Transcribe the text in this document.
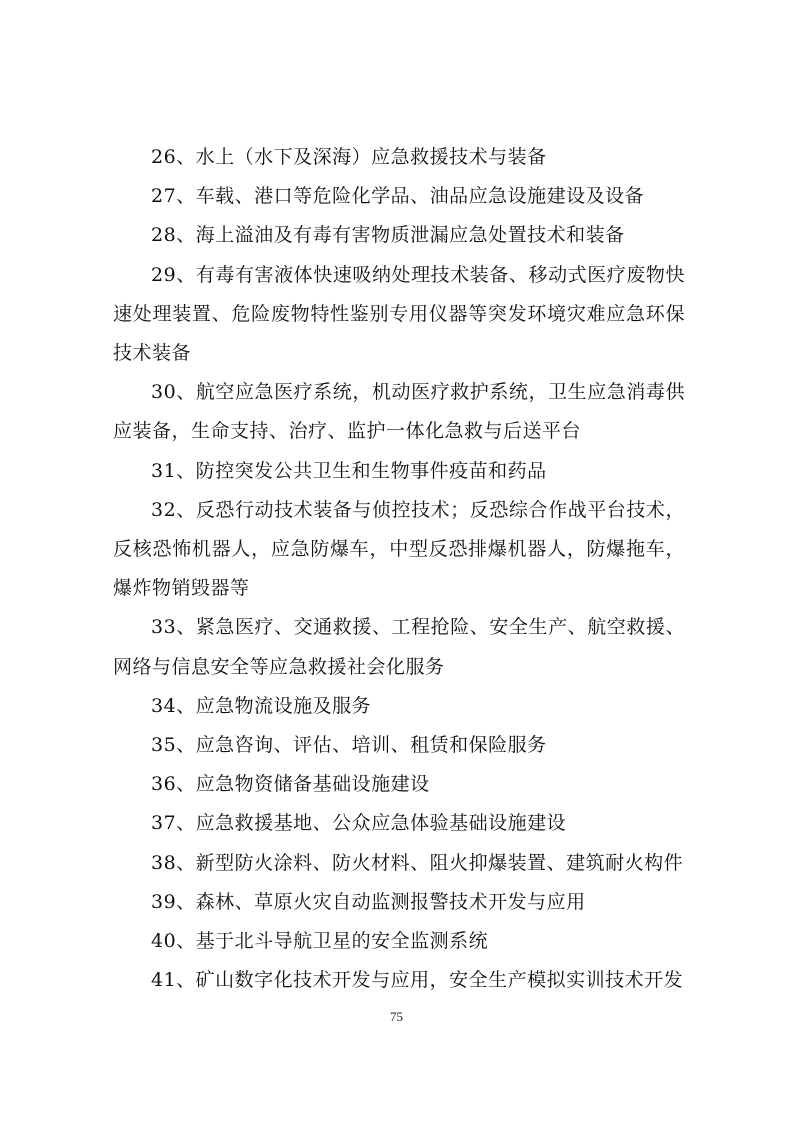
26、水上（水下及深海）应急救援技术与装备

27、车载、港口等危险化学品、油品应急设施建设及设备

28、海上溢油及有毒有害物质泄漏应急处置技术和装备

29、有毒有害液体快速吸纳处理技术装备、移动式医疗废物快速处理装置、危险废物特性鉴别专用仪器等突发环境灾难应急环保技术装备

30、航空应急医疗系统，机动医疗救护系统，卫生应急消毒供应装备，生命支持、治疗、监护一体化急救与后送平台

31、防控突发公共卫生和生物事件疫苗和药品

32、反恐行动技术装备与侦控技术；反恐综合作战平台技术，反核恐怖机器人，应急防爆车，中型反恐排爆机器人，防爆拖车，爆炸物销毁器等

33、紧急医疗、交通救援、工程抢险、安全生产、航空救援、网络与信息安全等应急救援社会化服务

34、应急物流设施及服务

35、应急咨询、评估、培训、租赁和保险服务

36、应急物资储备基础设施建设

37、应急救援基地、公众应急体验基础设施建设

38、新型防火涂料、防火材料、阻火抑爆装置、建筑耐火构件

39、森林、草原火灾自动监测报警技术开发与应用

40、基于北斗导航卫星的安全监测系统

41、矿山数字化技术开发与应用，安全生产模拟实训技术开发

75
